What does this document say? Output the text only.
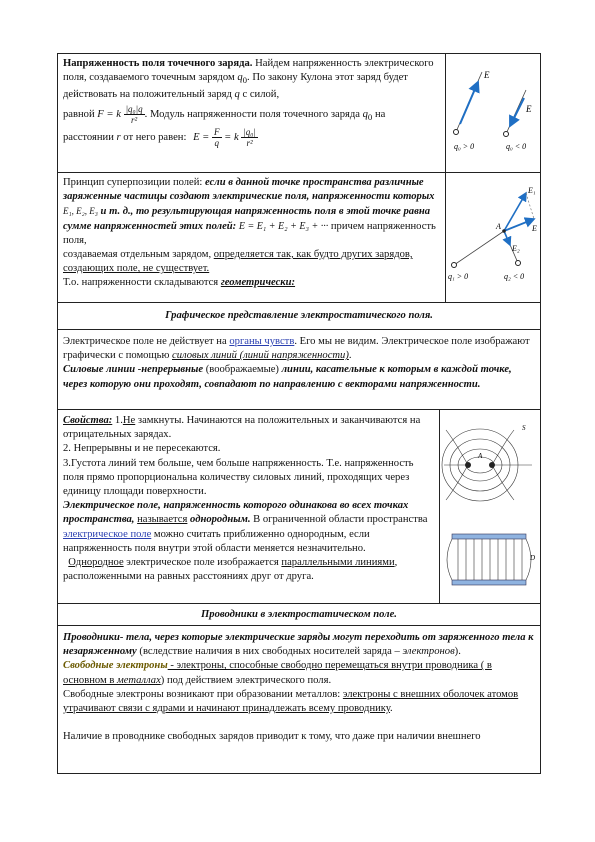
Напряженность поля точечного заряда. Найдем напряженность электрического поля, создаваемого точечным зарядом $q_0$. По закону Кулона этот заряд будет действовать на положительный заряд q с силой,
равной F = k $\frac{\text{|q₀|q}}{\text{r²}}$ . Модуль напряженности поля точечного заряда $q_0$ на
расстоянии r от него равен: $E = \frac{F}{q} = k \frac{\text{|q₀|}}{\text{r²}}$
E
q₀ > 0
E
q₀ < 0
Принцип суперпозиции полей: если в данной точке пространства различные заряженные частицы создают электрические поля, напряженности которых E₁, E₂, E₃ и т. д., то результирующая напряженность поля в этой точке равна сумме напряженностей этих полей: E = E₁ + E₂ + E₃ + ··· причем напряженность поля,
создаваемая отдельным зарядом, определяется так, как будто других зарядов, создающих поле, не существует.
Т.о. напряженности складываются геометрически:
E₁
E
E₂
A
q₁ > 0	q₂ < 0
Графическое представление электростатического поля.
Электрическое поле не действует на органы чувств. Его мы не видим. Электрическое поле изображают графически с помощью силовых линий (линий напряженности).
Силовые линии -непрерывные (воображаемые) линии, касательные к которым в каждой точке, через которую они проходят, совпадают по направлению с векторами напряженности.
Свойства: 1.Не замкнуты. Начинаются на положительных и заканчиваются на отрицательных зарядах.
2. Непрерывны и не пересекаются.
3.Густота линий тем больше, чем больше напряженность. Т.е. напряженность поля прямо пропорциональна количеству силовых линий, проходящих через единицу площади поверхности.
Электрическое поле, напряженность которого одинакова во всех точках пространства, называется однородным. В ограниченной области пространства электрическое поле можно считать приближенно однородным, если напряженность поля внутри этой области меняется незначительно.
Однородное электрическое поле изображается параллельными линиями, расположенными на равных расстояниях друг от друга.
S
A
D
Проводники в электростатическом поле.
Проводники- тела, через которые электрические заряды могут переходить от заряженного тела к незаряженному (вследствие наличия в них свободных носителей заряда – электронов).
Свободные электроны - электроны, способные свободно перемещаться внутри проводника ( в основном в металлах) под действием электрического поля.
Свободные электроны возникают при образовании металлов: электроны с внешних оболочек атомов утрачивают связи с ядрами и начинают принадлежать всему проводнику.

Наличие в проводнике свободных зарядов приводит к тому, что даже при наличии внешнего
